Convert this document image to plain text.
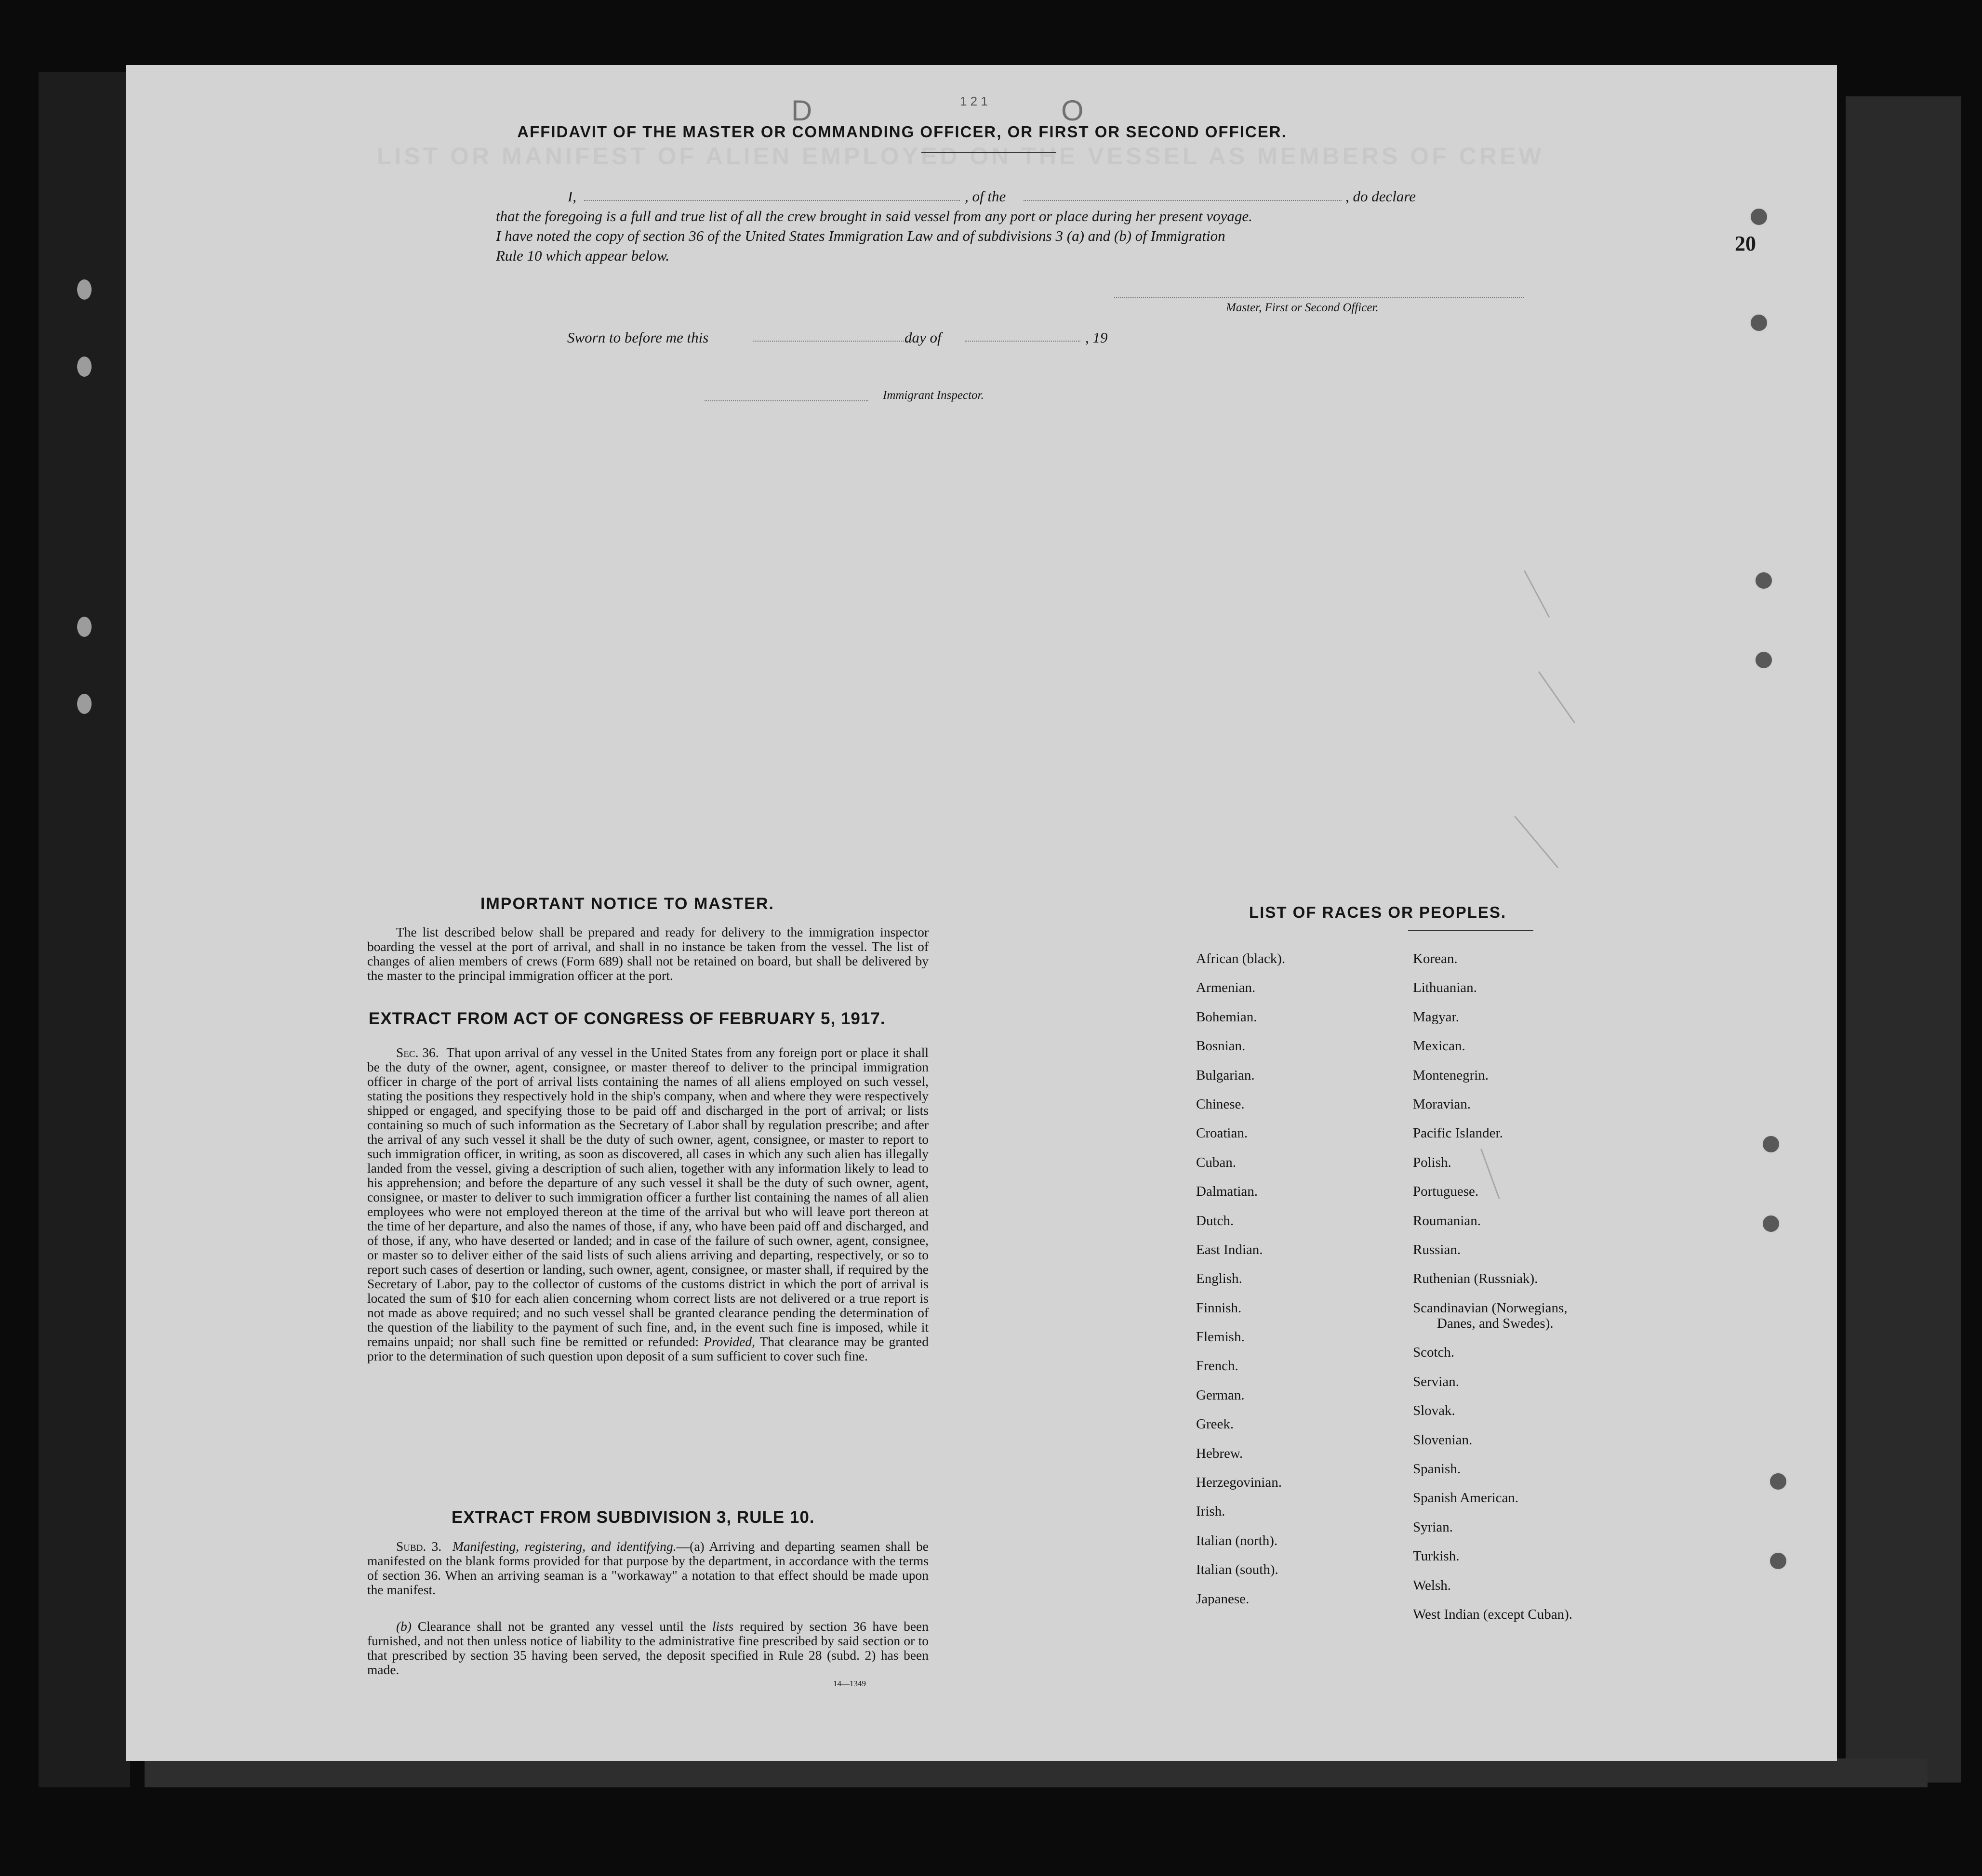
LIST OR MANIFEST OF ALIEN EMPLOYED ON THE VESSEL AS MEMBERS OF CREW
D	1 2 1	O
AFFIDAVIT OF THE MASTER OR COMMANDING OFFICER, OR FIRST OR SECOND OFFICER.
I,	, of the	, do declare
that the foregoing is a full and true list of all the crew brought in said vessel from any port or place during her present voyage.
I have noted the copy of section 36 of the United States Immigration Law and of subdivisions 3 (a) and (b) of Immigration
Rule 10 which appear below.
Master, First or Second Officer.
Sworn to before me this	day of	, 19
Immigrant Inspector.
IMPORTANT NOTICE TO MASTER.
The list described below shall be prepared and ready for delivery to the immigration inspector boarding the vessel at the port of arrival, and shall in no instance be taken from the vessel. The list of changes of alien members of crews (Form 689) shall not be retained on board, but shall be delivered by the master to the principal immigration officer at the port.
EXTRACT FROM ACT OF CONGRESS OF FEBRUARY 5, 1917.
Sec. 36. That upon arrival of any vessel in the United States from any foreign port or place it shall be the duty of the owner, agent, consignee, or master thereof to deliver to the principal immigration officer in charge of the port of arrival lists containing the names of all aliens employed on such vessel, stating the positions they respectively hold in the ship's company, when and where they were respectively shipped or engaged, and specifying those to be paid off and discharged in the port of arrival; or lists containing so much of such information as the Secretary of Labor shall by regulation prescribe; and after the arrival of any such vessel it shall be the duty of such owner, agent, consignee, or master to report to such immigration officer, in writing, as soon as discovered, all cases in which any such alien has illegally landed from the vessel, giving a description of such alien, together with any information likely to lead to his apprehension; and before the departure of any such vessel it shall be the duty of such owner, agent, consignee, or master to deliver to such immigration officer a further list containing the names of all alien employees who were not employed thereon at the time of the arrival but who will leave port thereon at the time of her departure, and also the names of those, if any, who have been paid off and discharged, and of those, if any, who have deserted or landed; and in case of the failure of such owner, agent, consignee, or master so to deliver either of the said lists of such aliens arriving and departing, respectively, or so to report such cases of desertion or landing, such owner, agent, consignee, or master shall, if required by the Secretary of Labor, pay to the collector of customs of the customs district in which the port of arrival is located the sum of $10 for each alien concerning whom correct lists are not delivered or a true report is not made as above required; and no such vessel shall be granted clearance pending the determination of the question of the liability to the payment of such fine, and, in the event such fine is imposed, while it remains unpaid; nor shall such fine be remitted or refunded: Provided, That clearance may be granted prior to the determination of such question upon deposit of a sum sufficient to cover such fine.
EXTRACT FROM SUBDIVISION 3, RULE 10.
Subd. 3. Manifesting, registering, and identifying.—(a) Arriving and departing seamen shall be manifested on the blank forms provided for that purpose by the department, in accordance with the terms of section 36. When an arriving seaman is a "workaway" a notation to that effect should be made upon the manifest.
(b) Clearance shall not be granted any vessel until the lists required by section 36 have been furnished, and not then unless notice of liability to the administrative fine prescribed by said section or to that prescribed by section 35 having been served, the deposit specified in Rule 28 (subd. 2) has been made.
14—1349
LIST OF RACES OR PEOPLES.
African (black).
Armenian.
Bohemian.
Bosnian.
Bulgarian.
Chinese.
Croatian.
Cuban.
Dalmatian.
Dutch.
East Indian.
English.
Finnish.
Flemish.
French.
German.
Greek.
Hebrew.
Herzegovinian.
Irish.
Italian (north).
Italian (south).
Japanese.
Korean.
Lithuanian.
Magyar.
Mexican.
Montenegrin.
Moravian.
Pacific Islander.
Polish.
Portuguese.
Roumanian.
Russian.
Ruthenian (Russniak).
Scandinavian (Norwegians,
Danes, and Swedes).
Scotch.
Servian.
Slovak.
Slovenian.
Spanish.
Spanish American.
Syrian.
Turkish.
Welsh.
West Indian (except Cuban).
20
